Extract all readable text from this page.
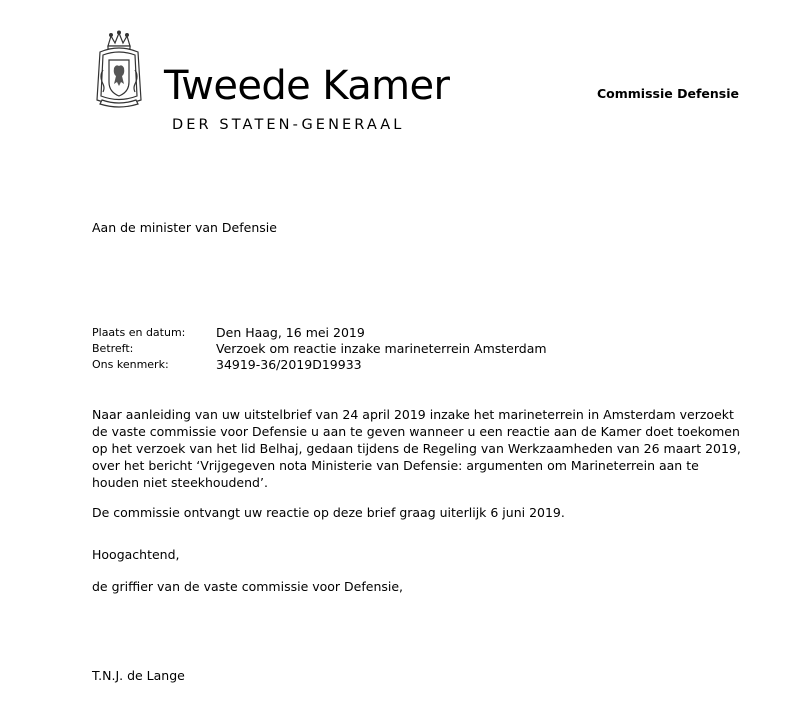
Tweede Kamer
DER STATEN-GENERAAL
Commissie Defensie
Aan de minister van Defensie
Plaats en datum:	Den Haag, 16 mei 2019
Betreft:	Verzoek om reactie inzake marineterrein Amsterdam
Ons kenmerk:	34919-36/2019D19933
Naar aanleiding van uw uitstelbrief van 24 april 2019 inzake het marineterrein in Amsterdam verzoekt
de vaste commissie voor Defensie u aan te geven wanneer u een reactie aan de Kamer doet toekomen
op het verzoek van het lid Belhaj, gedaan tijdens de Regeling van Werkzaamheden van 26 maart 2019,
over het bericht ‘Vrijgegeven nota Ministerie van Defensie: argumenten om Marineterrein aan te
houden niet steekhoudend’.
De commissie ontvangt uw reactie op deze brief graag uiterlijk 6 juni 2019.
Hoogachtend,
de griffier van de vaste commissie voor Defensie,
T.N.J. de Lange
